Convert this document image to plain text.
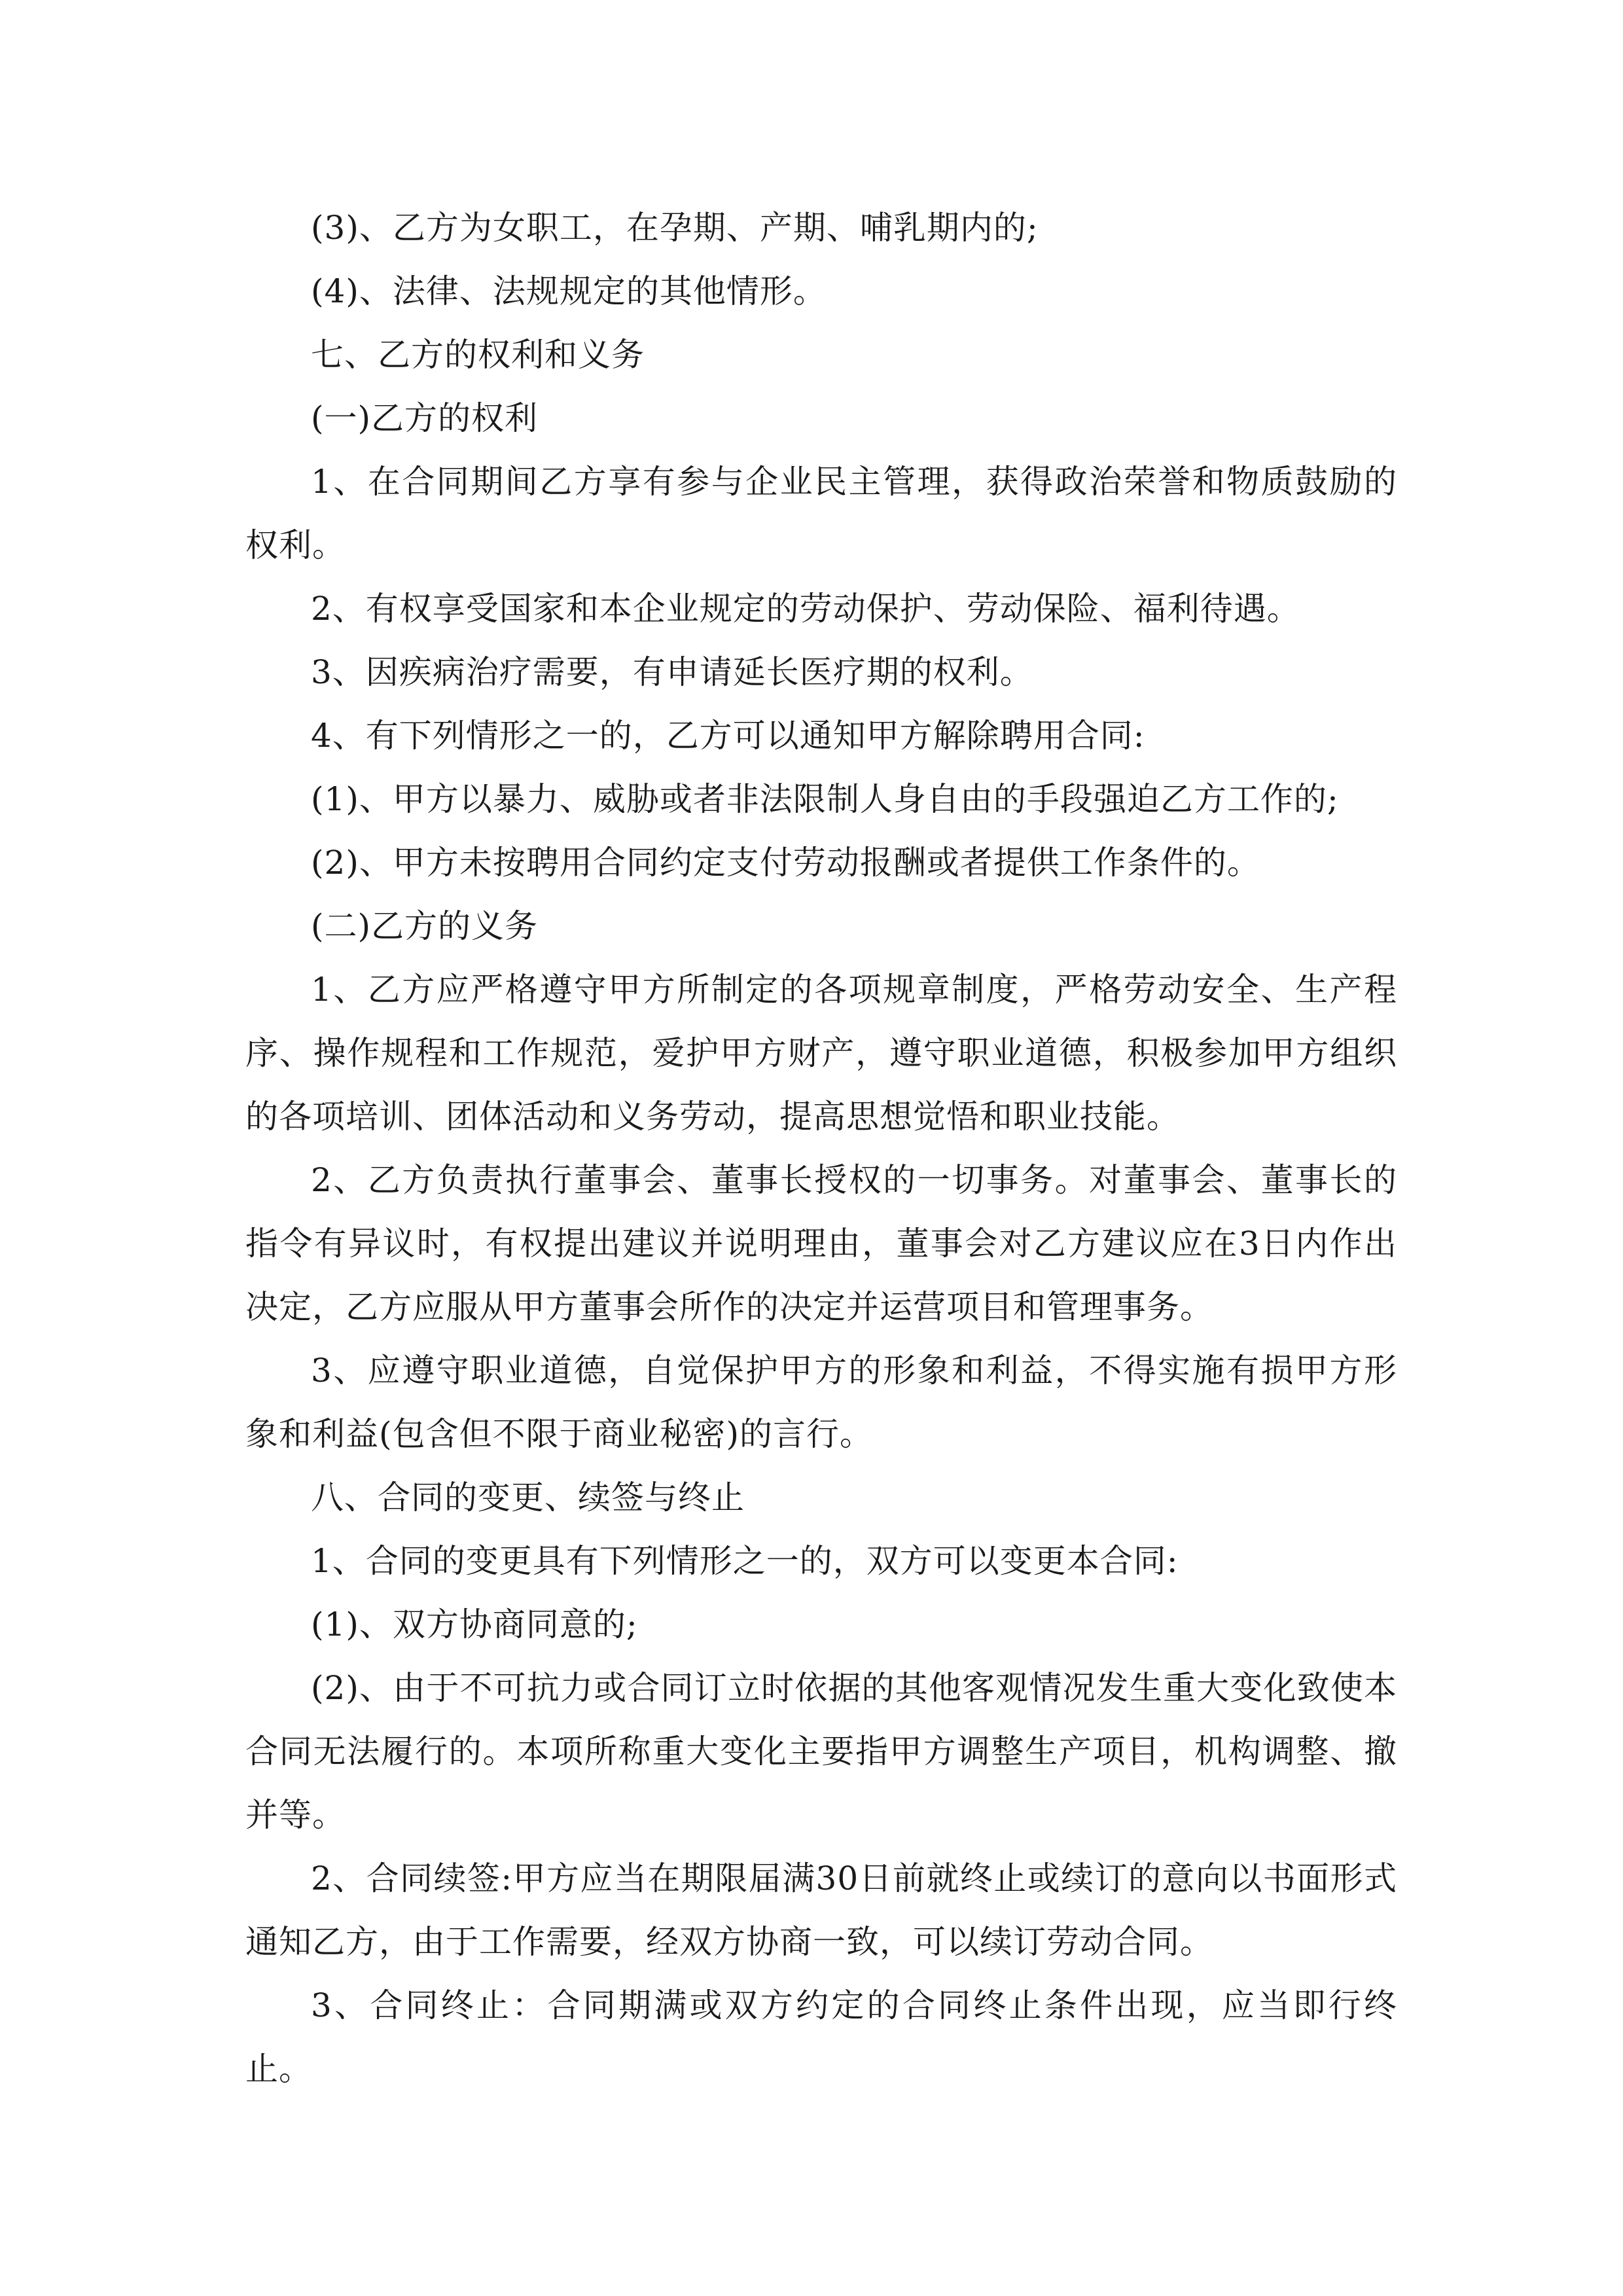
(3)、乙方为女职工，在孕期、产期、哺乳期内的;

(4)、法律、法规规定的其他情形。

七、乙方的权利和义务

(一)乙方的权利

1、在合同期间乙方享有参与企业民主管理，获得政治荣誉和物质鼓励的权利。

2、有权享受国家和本企业规定的劳动保护、劳动保险、福利待遇。

3、因疾病治疗需要，有申请延长医疗期的权利。

4、有下列情形之一的，乙方可以通知甲方解除聘用合同:

(1)、甲方以暴力、威胁或者非法限制人身自由的手段强迫乙方工作的;

(2)、甲方未按聘用合同约定支付劳动报酬或者提供工作条件的。

(二)乙方的义务

1、乙方应严格遵守甲方所制定的各项规章制度，严格劳动安全、生产程序、操作规程和工作规范，爱护甲方财产，遵守职业道德，积极参加甲方组织的各项培训、团体活动和义务劳动，提高思想觉悟和职业技能。

2、乙方负责执行董事会、董事长授权的一切事务。对董事会、董事长的指令有异议时，有权提出建议并说明理由，董事会对乙方建议应在3日内作出决定，乙方应服从甲方董事会所作的决定并运营项目和管理事务。

3、应遵守职业道德，自觉保护甲方的形象和利益，不得实施有损甲方形象和利益(包含但不限于商业秘密)的言行。

八、合同的变更、续签与终止

1、合同的变更具有下列情形之一的，双方可以变更本合同:

(1)、双方协商同意的;

(2)、由于不可抗力或合同订立时依据的其他客观情况发生重大变化致使本合同无法履行的。本项所称重大变化主要指甲方调整生产项目，机构调整、撤并等。

2、合同续签:甲方应当在期限届满30日前就终止或续订的意向以书面形式通知乙方，由于工作需要，经双方协商一致，可以续订劳动合同。

3、合同终止：合同期满或双方约定的合同终止条件出现，应当即行终止。
